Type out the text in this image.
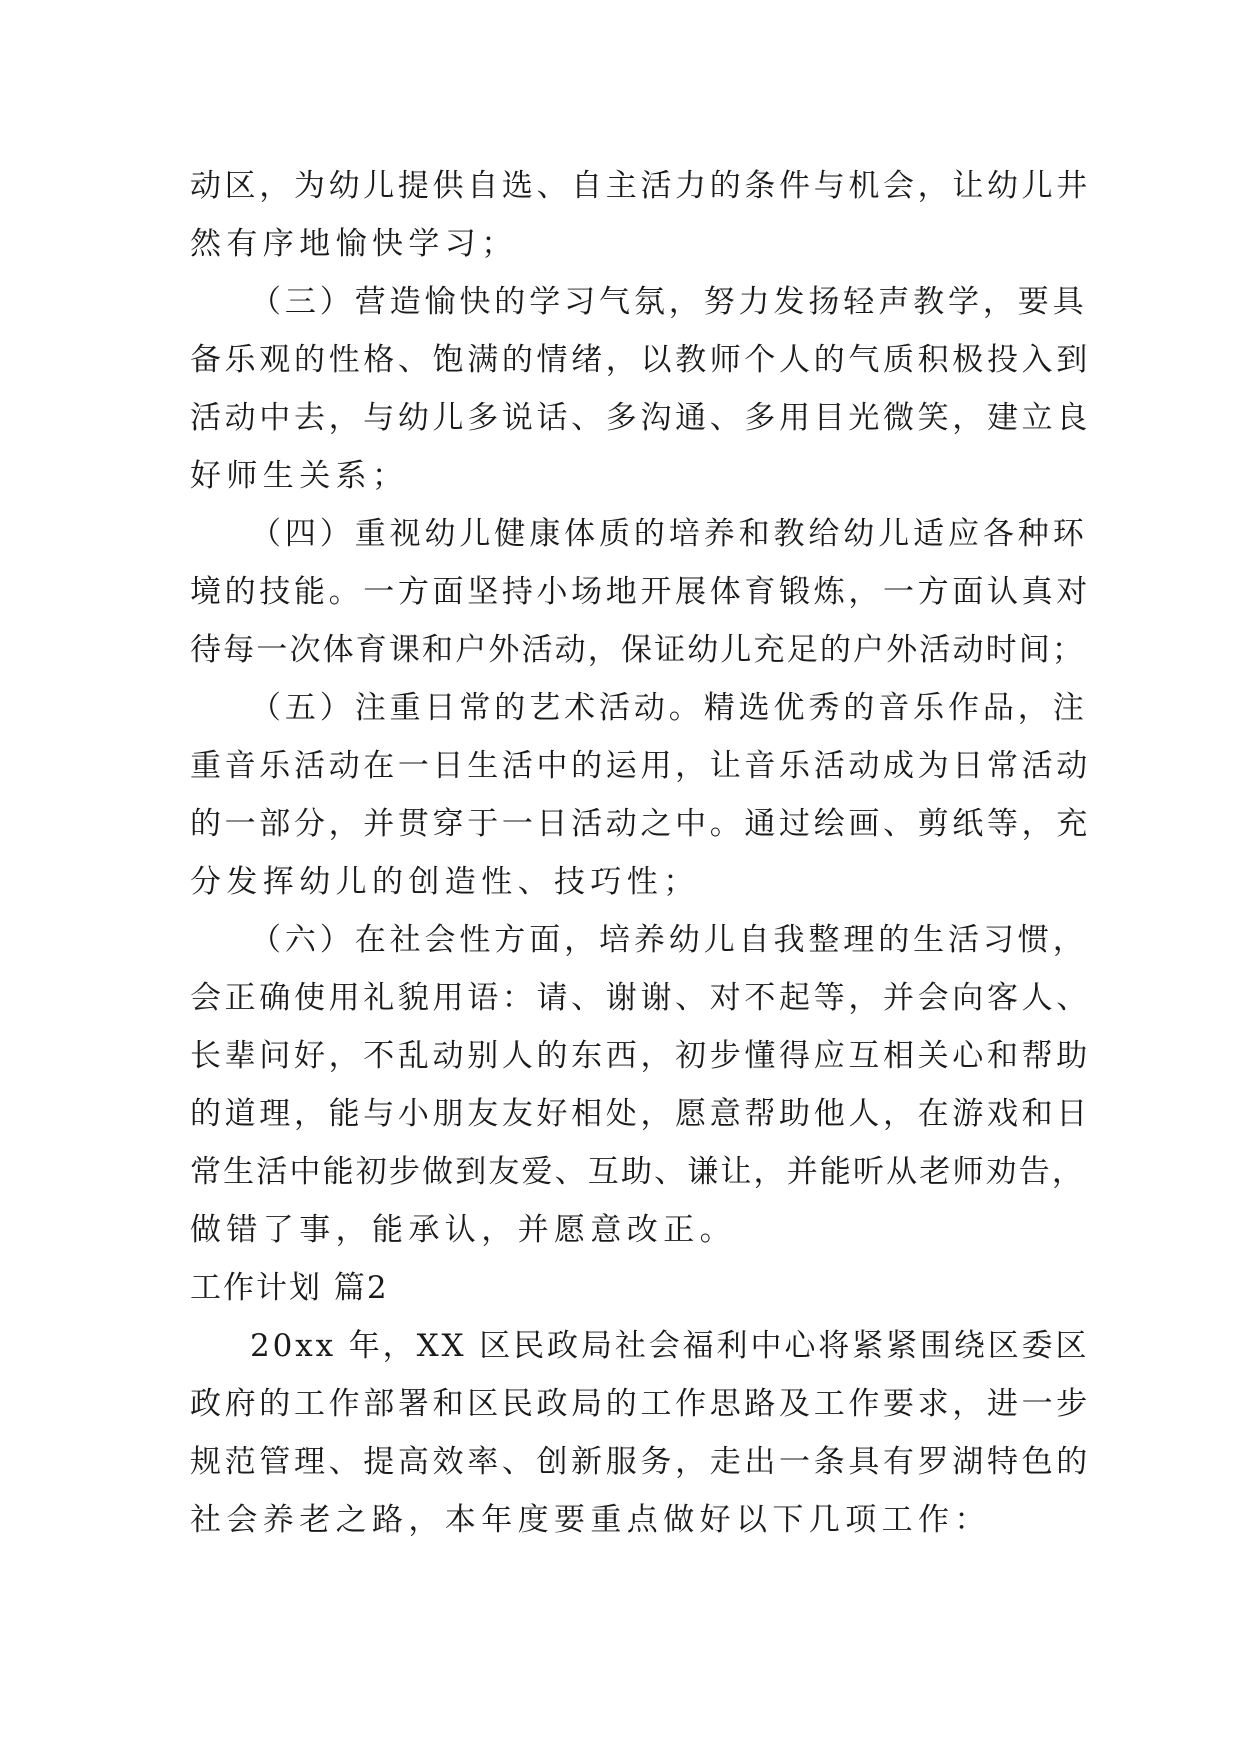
动区，为幼儿提供自选、自主活力的条件与机会，让幼儿井
然有序地愉快学习；
（三）营造愉快的学习气氛，努力发扬轻声教学，要具
备乐观的性格、饱满的情绪，以教师个人的气质积极投入到
活动中去，与幼儿多说话、多沟通、多用目光微笑，建立良
好师生关系；
（四）重视幼儿健康体质的培养和教给幼儿适应各种环
境的技能。一方面坚持小场地开展体育锻炼，一方面认真对
待每一次体育课和户外活动，保证幼儿充足的户外活动时间；
（五）注重日常的艺术活动。精选优秀的音乐作品，注
重音乐活动在一日生活中的运用，让音乐活动成为日常活动
的一部分，并贯穿于一日活动之中。通过绘画、剪纸等，充
分发挥幼儿的创造性、技巧性；
（六）在社会性方面，培养幼儿自我整理的生活习惯，
会正确使用礼貌用语：请、谢谢、对不起等，并会向客人、
长辈问好，不乱动别人的东西，初步懂得应互相关心和帮助
的道理，能与小朋友友好相处，愿意帮助他人，在游戏和日
常生活中能初步做到友爱、互助、谦让，并能听从老师劝告，
做错了事，能承认，并愿意改正。
工作计划 篇2
20xx 年，XX 区民政局社会福利中心将紧紧围绕区委区
政府的工作部署和区民政局的工作思路及工作要求，进一步
规范管理、提高效率、创新服务，走出一条具有罗湖特色的
社会养老之路，本年度要重点做好以下几项工作：
